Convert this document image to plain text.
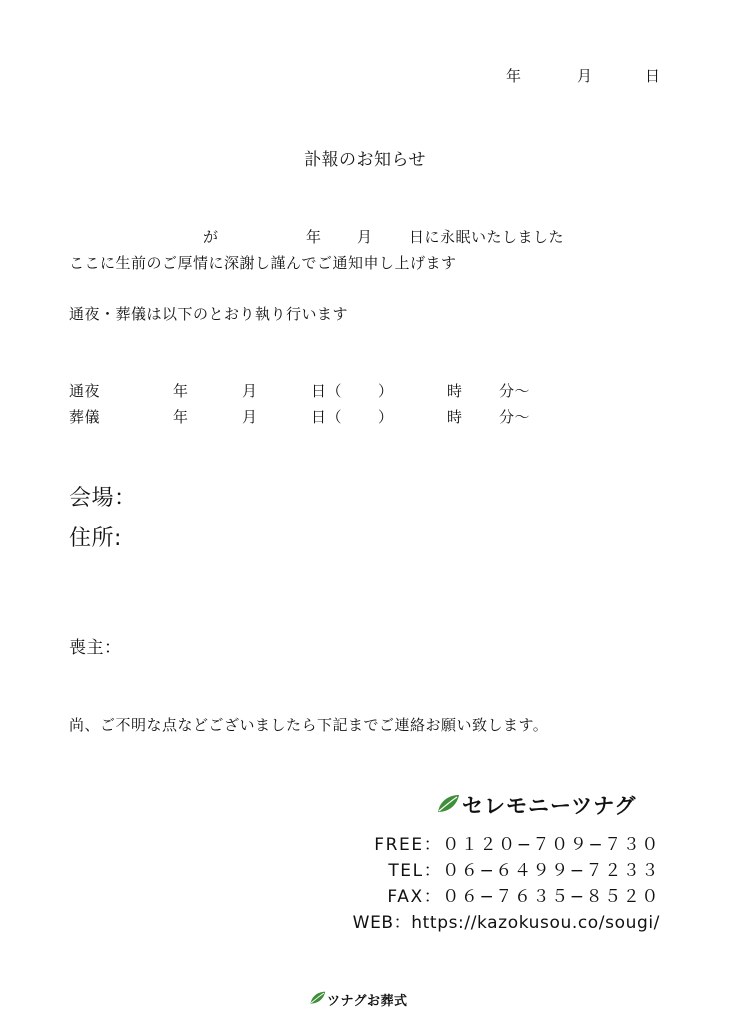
年	月	日
訃報のお知らせ
が	年 月 日に永眠いたしました
ここに生前のご厚情に深謝し謹んでご通知申し上げます
通夜・葬儀は以下のとおり執り行います
通夜	年	月	日（ ）	時 分〜
葬儀	年	月	日（ ）	時 分〜
会場：
住所:
喪主：
尚、ご不明な点などございましたら下記までご連絡お願い致します。
セレモニーツナグ
FREE：０１２０−７０９−７３０
TEL：０６−６４９９−７２３３
FAX：０６−７６３５−８５２０
WEB：https://kazokusou.co/sougi/
ツナグお葬式
